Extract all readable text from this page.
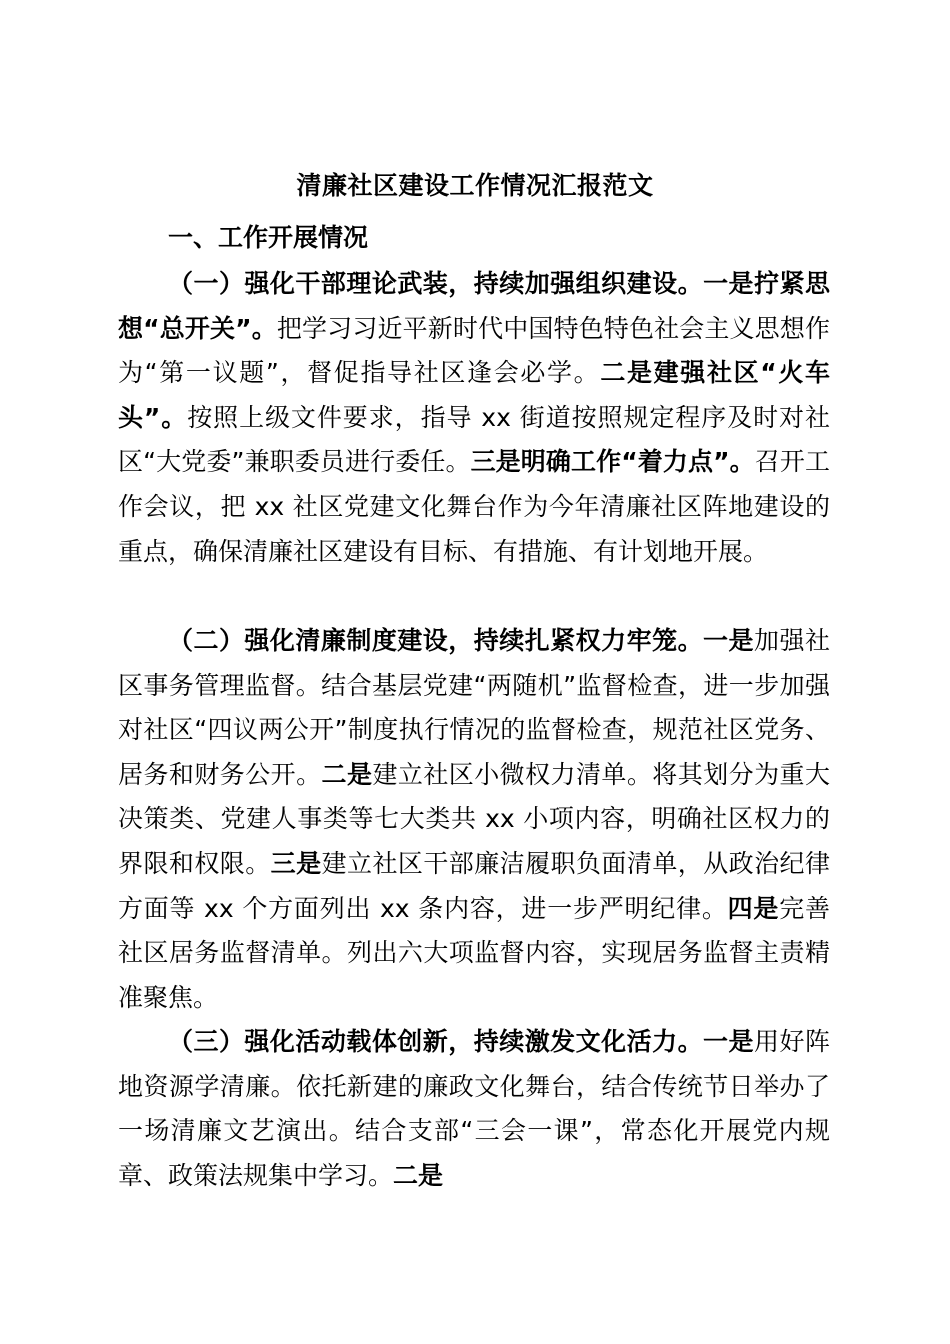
清廉社区建设工作情况汇报范文
一、工作开展情况

（一）强化干部理论武装，持续加强组织建设。一是拧紧思想“总开关”。把学习习近平新时代中国特色特色社会主义思想作为“第一议题”，督促指导社区逢会必学。二是建强社区“火车头”。按照上级文件要求，指导 xx 街道按照规定程序及时对社区“大党委”兼职委员进行委任。三是明确工作“着力点”。召开工作会议，把 xx 社区党建文化舞台作为今年清廉社区阵地建设的重点，确保清廉社区建设有目标、有措施、有计划地开展。

（二）强化清廉制度建设，持续扎紧权力牢笼。一是加强社区事务管理监督。结合基层党建“两随机”监督检查，进一步加强对社区“四议两公开”制度执行情况的监督检查，规范社区党务、居务和财务公开。二是建立社区小微权力清单。将其划分为重大决策类、党建人事类等七大类共 xx 小项内容，明确社区权力的界限和权限。三是建立社区干部廉洁履职负面清单，从政治纪律方面等 xx 个方面列出 xx 条内容，进一步严明纪律。四是完善社区居务监督清单。列出六大项监督内容，实现居务监督主责精准聚焦。

（三）强化活动载体创新，持续激发文化活力。一是用好阵地资源学清廉。依托新建的廉政文化舞台，结合传统节日举办了一场清廉文艺演出。结合支部“三会一课”，常态化开展党内规章、政策法规集中学习。二是
